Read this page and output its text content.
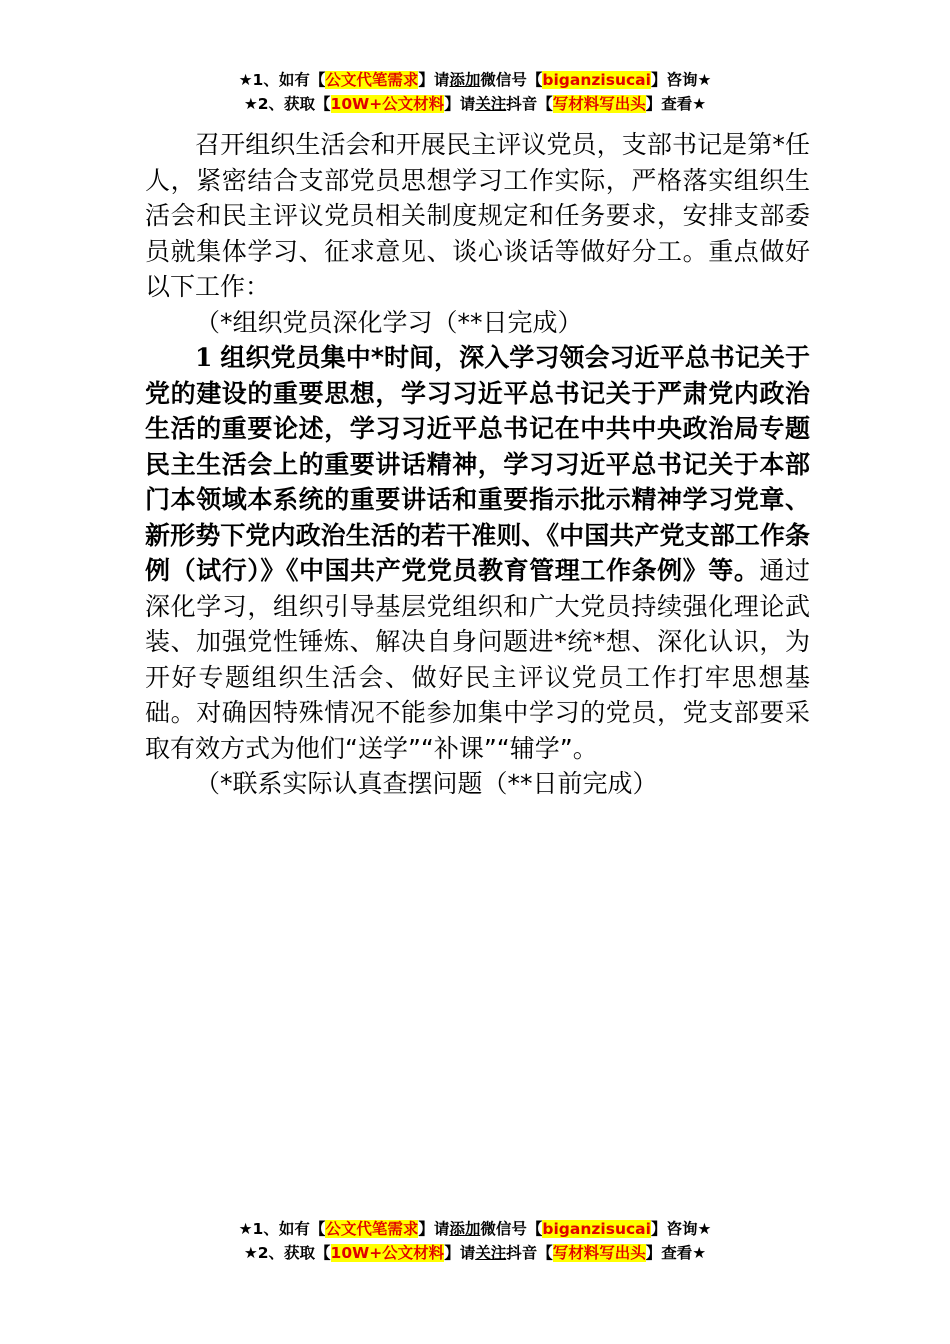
★1、如有【公文代笔需求】请添加微信号【biganzisucai】咨询★
★2、获取【10W+公文材料】请关注抖音【写材料写出头】查看★

召开组织生活会和开展民主评议党员，支部书记是第*任人，紧密结合支部党员思想学习工作实际，严格落实组织生活会和民主评议党员相关制度规定和任务要求，安排支部委员就集体学习、征求意见、谈心谈话等做好分工。重点做好以下工作：

（*组织党员深化学习（**日完成）

1 组织党员集中*时间，深入学习领会习近平总书记关于党的建设的重要思想，学习习近平总书记关于严肃党内政治生活的重要论述，学习习近平总书记在中共中央政治局专题民主生活会上的重要讲话精神，学习习近平总书记关于本部门本领域本系统的重要讲话和重要指示批示精神学习党章、新形势下党内政治生活的若干准则、《中国共产党支部工作条例（试行）》《中国共产党党员教育管理工作条例》等。通过深化学习，组织引导基层党组织和广大党员持续强化理论武装、加强党性锤炼、解决自身问题进*统*想、深化认识，为开好专题组织生活会、做好民主评议党员工作打牢思想基础。对确因特殊情况不能参加集中学习的党员，党支部要采取有效方式为他们“送学”“补课”“辅学”。

（*联系实际认真查摆问题（**日前完成）

★1、如有【公文代笔需求】请添加微信号【biganzisucai】咨询★
★2、获取【10W+公文材料】请关注抖音【写材料写出头】查看★
